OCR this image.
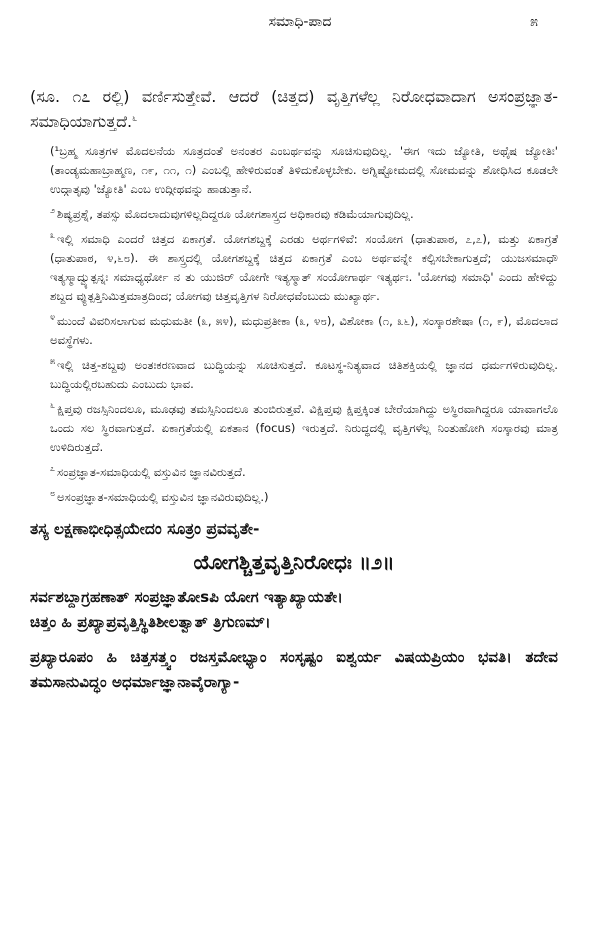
ಸಮಾಧಿ-ಪಾದ	೫

(ಸೂ. ೧೭ ರಲ್ಲಿ) ವರ್ಣಿಸುತ್ತೇವೆ. ಆದರೆ (ಚಿತ್ತದ) ವೃತ್ತಿಗಳೆಲ್ಲ ನಿರೋಧವಾದಾಗ ಅಸಂಪ್ರಜ್ಞಾತ-ಸಮಾಧಿಯಾಗುತ್ತದೆ.$^೬$

(¹ಬ್ರಹ್ಮ ಸೂತ್ರಗಳ ಮೊದಲನೆಯ ಸೂತ್ರದಂತೆ ಅನಂತರ ಎಂಬರ್ಥವನ್ನು ಸೂಚಿಸುವುದಿಲ್ಲ. 'ಈಗ ಇದು ಜ್ಯೋತಿ, ಅಥೈಷ ಜ್ಯೋತಿಃ' (ತಾಂಡ್ಯಮಹಾಬ್ರಾಹ್ಮಣ, ೧೯, ೧೧, ೧) ಎಂಬಲ್ಲಿ ಹೇಳಿರುವಂತೆ ತಿಳಿದುಕೊಳ್ಳಬೇಕು. ಅಗ್ನಿಷ್ಟೋಮದಲ್ಲಿ ಸೋಮವನ್ನು ಶೋಧಿಸಿದ ಕೂಡಲೇ ಉದ್ಗಾತೃವು 'ಜ್ಯೋತಿ' ಎಂಬ ಉದ್ಗೀಥವನ್ನು ಹಾಡುತ್ತಾನೆ.

$^೨$ ಶಿಷ್ಯಪ್ರಶ್ನೆ, ತಪಸ್ಸು ಮೊದಲಾದುವುಗಳಿಲ್ಲದಿದ್ದರೂ ಯೋಗಶಾಸ್ತ್ರದ ಅಧಿಕಾರವು ಕಡಿಮೆಯಾಗುವುದಿಲ್ಲ.

$^೩$ ಇಲ್ಲಿ ಸಮಾಧಿ ಎಂದರೆ ಚಿತ್ತದ ಏಕಾಗ್ರತೆ. ಯೋಗಶಬ್ದಕ್ಕೆ ಎರಡು ಅರ್ಥಗಳಿವೆ: ಸಂಯೋಗ (ಧಾತುಪಾಠ, ೭,೭), ಮತ್ತು ಏಕಾಗ್ರತೆ (ಧಾತುಪಾಠ, ೪,೬೮). ಈ ಶಾಸ್ತ್ರದಲ್ಲಿ ಯೋಗಶಬ್ದಕ್ಕೆ ಚಿತ್ತದ ಏಕಾಗ್ರತೆ ಎಂಬ ಅರ್ಥವನ್ನೇ ಕಲ್ಪಿಸಬೇಕಾಗುತ್ತದೆ; ಯುಜಸಮಾಧೌ ಇತ್ಯಸ್ಮಾದ್ವ್ಯುತ್ಪನ್ನಃ ಸಮಾಧ್ಯರ್ಥೋ ನ ತು ಯುಜಿರ್ ಯೋಗೇ ಇತ್ಯಸ್ಮಾತ್ ಸಂಯೋಗಾರ್ಥ ಇತ್ಯರ್ಥಃ. 'ಯೋಗವು ಸಮಾಧಿ' ಎಂದು ಹೇಳಿದ್ದು ಶಬ್ದದ ವ್ಯುತ್ಪತ್ತಿನಿಮಿತ್ತಮಾತ್ರದಿಂದ; ಯೋಗವು ಚಿತ್ತವೃತ್ತಿಗಳ ನಿರೋಧವೆಂಬುದು ಮುಖ್ಯಾರ್ಥ.

$^೪$ ಮುಂದೆ ವಿವರಿಸಲಾಗುವ ಮಧುಮತೀ (೩, ೫೪), ಮಧುಪ್ರತೀಕಾ (೩, ೪೮), ವಿಶೋಕಾ (೧, ೩೬), ಸಂಸ್ಕಾರಶೇಷಾ (೧, ೯), ಮೊದಲಾದ ಅವಸ್ಥೆಗಳು.

$^೫$ ಇಲ್ಲಿ ಚಿತ್ತ-ಶಬ್ದವು ಅಂತಃಕರಣವಾದ ಬುದ್ಧಿಯನ್ನು ಸೂಚಿಸುತ್ತದೆ. ಕೂಟಸ್ಥ-ನಿತ್ಯವಾದ ಚಿತಿಶಕ್ತಿಯಲ್ಲಿ ಜ್ಞಾನದ ಧರ್ಮಗಳಿರುವುದಿಲ್ಲ. ಬುದ್ಧಿಯಲ್ಲಿರಬಹುದು ಎಂಬುದು ಭಾವ.

$^೬$ ಕ್ಷಿಪ್ತವು ರಜಸ್ಸಿನಿಂದಲೂ, ಮೂಢವು ತಮಸ್ಸಿನಿಂದಲೂ ತುಂಬಿರುತ್ತವೆ. ವಿಕ್ಷಿಪ್ತವು ಕ್ಷಿಪ್ತಕ್ಕಿಂತ ಬೇರೆಯಾಗಿದ್ದು ಅಸ್ಥಿರವಾಗಿದ್ದರೂ ಯಾವಾಗಲೊ ಒಂದು ಸಲ ಸ್ಥಿರವಾಗುತ್ತದೆ. ಏಕಾಗ್ರತೆಯಲ್ಲಿ ಏಕತಾನ (focus) ಇರುತ್ತದೆ. ನಿರುದ್ಧದಲ್ಲಿ ವೃತ್ತಿಗಳೆಲ್ಲ ನಿಂತುಹೋಗಿ ಸಂಸ್ಕಾರವು ಮಾತ್ರ ಉಳಿದಿರುತ್ತದೆ.

$^೭$ ಸಂಪ್ರಜ್ಞಾತ-ಸಮಾಧಿಯಲ್ಲಿ ವಸ್ತುವಿನ ಜ್ಞಾನವಿರುತ್ತದೆ.

$^೮$ ಅಸಂಪ್ರಜ್ಞಾತ-ಸಮಾಧಿಯಲ್ಲಿ ವಸ್ತುವಿನ ಜ್ಞಾನವಿರುವುದಿಲ್ಲ.)

ತಸ್ಯ ಲಕ್ಷಣಾಭೀಧಿತ್ಸಯೇದಂ ಸೂತ್ರಂ ಪ್ರವವೃತೇ-

ಯೋಗಶ್ಚಿತ್ತವೃತ್ತಿನಿರೋಧಃ ॥೨॥

ಸರ್ವಶಬ್ದಾಗ್ರಹಣಾತ್ ಸಂಪ್ರಜ್ಞಾತೋsಪಿ ಯೋಗ ಇತ್ಯಾಖ್ಯಾಯತೇ।
ಚಿತ್ತಂ ಹಿ ಪ್ರಖ್ಯಾಪ್ರವೃತ್ತಿಸ್ಥಿತಿಶೀಲತ್ವಾತ್ ತ್ರಿಗುಣಮ್।

ಪ್ರಖ್ಯಾರೂಪಂ ಹಿ ಚಿತ್ತಸತ್ತ್ವಂ ರಜಸ್ತಮೋಭ್ಯಾಂ ಸಂಸೃಷ್ಟಂ ಐಶ್ವರ್ಯ ವಿಷಯಪ್ರಿಯಂ ಭವತಿ। ತದೇವ ತಮಸಾನುವಿದ್ಧಂ ಅಧರ್ಮಾಜ್ಞಾನಾವೈರಾಗ್ಯಾ-
